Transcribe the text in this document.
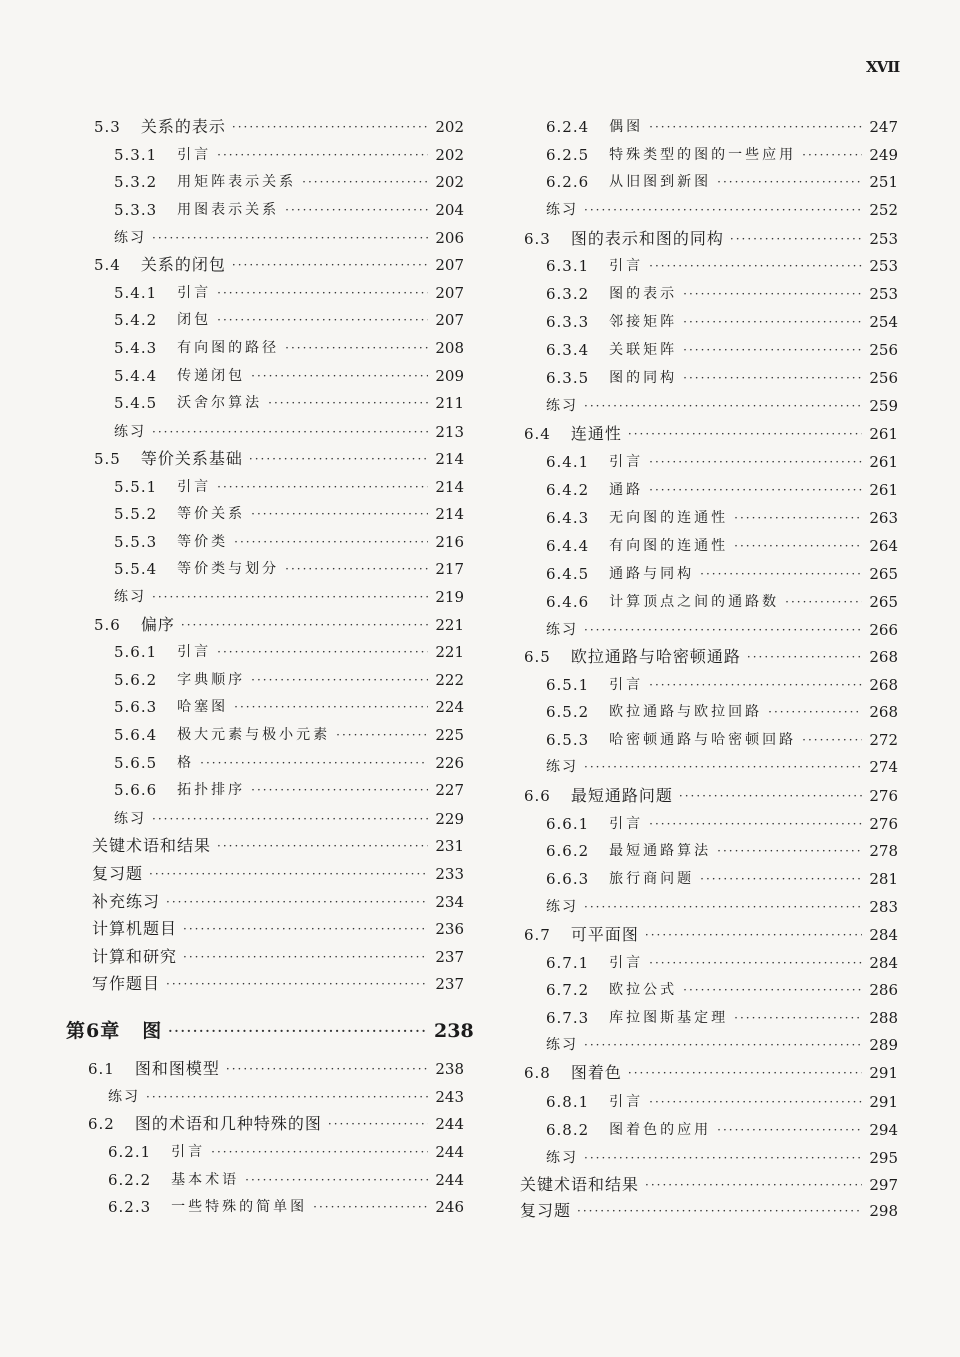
XVII
5.3 关系的表示 ·····	202
5.3.1 引言 ·····	202
5.3.2 用矩阵表示关系 ·····	202
5.3.3 用图表示关系 ·····	204
练习 ·····	206
5.4 关系的闭包 ·····	207
5.4.1 引言 ·····	207
5.4.2 闭包 ·····	207
5.4.3 有向图的路径 ·····	208
5.4.4 传递闭包 ·····	209
5.4.5 沃舍尔算法 ·····	211
练习 ·····	213
5.5 等价关系基础 ·····	214
5.5.1 引言 ·····	214
5.5.2 等价关系 ·····	214
5.5.3 等价类 ·····	216
5.5.4 等价类与划分 ·····	217
练习 ·····	219
5.6 偏序 ·····	221
5.6.1 引言 ·····	221
5.6.2 字典顺序 ·····	222
5.6.3 哈塞图 ·····	224
5.6.4 极大元素与极小元素 ·····	225
5.6.5 格 ·····	226
5.6.6 拓扑排序 ·····	227
练习 ·····	229
关键术语和结果 ·····	231
复习题 ·····	233
补充练习 ·····	234
计算机题目 ·····	236
计算和研究 ·····	237
写作题目 ·····	237
第6章 图 ·····	238
6.1 图和图模型 ·····	238
练习 ·····	243
6.2 图的术语和几种特殊的图 ·····	244
6.2.1 引言 ·····	244
6.2.2 基本术语 ·····	244
6.2.3 一些特殊的简单图 ·····	246
6.2.4 偶图 ·····	247
6.2.5 特殊类型的图的一些应用 ·····	249
6.2.6 从旧图到新图 ·····	251
练习 ·····	252
6.3 图的表示和图的同构 ·····	253
6.3.1 引言 ·····	253
6.3.2 图的表示 ·····	253
6.3.3 邻接矩阵 ·····	254
6.3.4 关联矩阵 ·····	256
6.3.5 图的同构 ·····	256
练习 ·····	259
6.4 连通性 ·····	261
6.4.1 引言 ·····	261
6.4.2 通路 ·····	261
6.4.3 无向图的连通性 ·····	263
6.4.4 有向图的连通性 ·····	264
6.4.5 通路与同构 ·····	265
6.4.6 计算顶点之间的通路数 ·····	265
练习 ·····	266
6.5 欧拉通路与哈密顿通路 ·····	268
6.5.1 引言 ·····	268
6.5.2 欧拉通路与欧拉回路 ·····	268
6.5.3 哈密顿通路与哈密顿回路 ·····	272
练习 ·····	274
6.6 最短通路问题 ·····	276
6.6.1 引言 ·····	276
6.6.2 最短通路算法 ·····	278
6.6.3 旅行商问题 ·····	281
练习 ·····	283
6.7 可平面图 ·····	284
6.7.1 引言 ·····	284
6.7.2 欧拉公式 ·····	286
6.7.3 库拉图斯基定理 ·····	288
练习 ·····	289
6.8 图着色 ·····	291
6.8.1 引言 ·····	291
6.8.2 图着色的应用 ·····	294
练习 ·····	295
关键术语和结果 ·····	297
复习题 ·····	298
